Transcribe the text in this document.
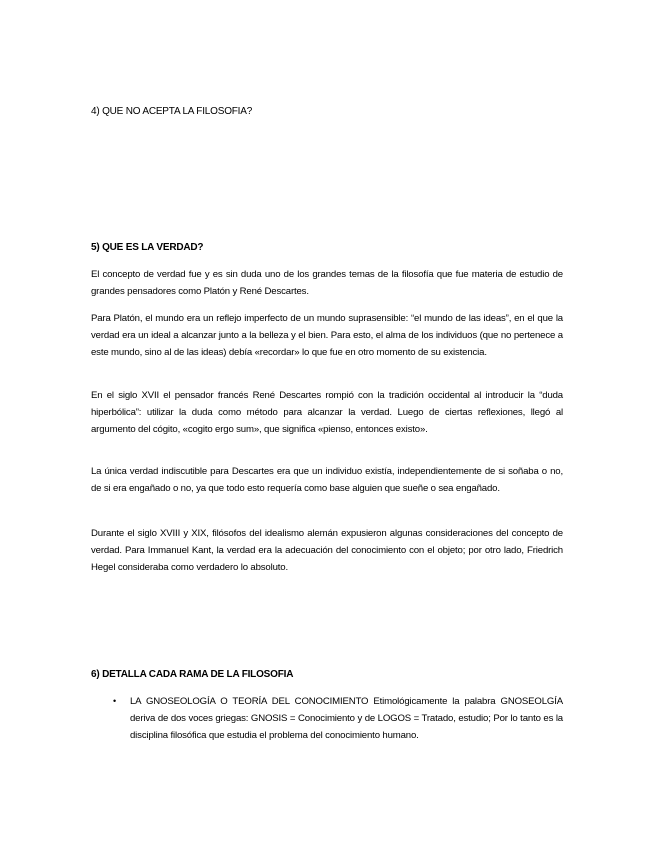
4) QUE NO ACEPTA LA FILOSOFIA?
5) QUE ES LA VERDAD?
El concepto de verdad fue y es sin duda uno de los grandes temas de la filosofía que fue materia de estudio de grandes pensadores como Platón y René Descartes.
Para Platón, el mundo era un reflejo imperfecto de un mundo suprasensible: “el mundo de las ideas”, en el que la verdad era un ideal a alcanzar junto a la belleza y el bien. Para esto, el alma de los individuos (que no pertenece a este mundo, sino al de las ideas) debía «recordar» lo que fue en otro momento de su existencia.
En el siglo XVII el pensador francés René Descartes rompió con la tradición occidental al introducir la “duda hiperbólica”: utilizar la duda como método para alcanzar la verdad. Luego de ciertas reflexiones, llegó al argumento del cógito, «cogito ergo sum», que significa «pienso, entonces existo».
La única verdad indiscutible para Descartes era que un individuo existía, independientemente de si soñaba o no, de si era engañado o no, ya que todo esto requería como base alguien que sueñe o sea engañado.
Durante el siglo XVIII y XIX, filósofos del idealismo alemán expusieron algunas consideraciones del concepto de verdad. Para Immanuel Kant, la verdad era la adecuación del conocimiento con el objeto; por otro lado, Friedrich Hegel consideraba como verdadero lo absoluto.
6) DETALLA CADA RAMA DE LA FILOSOFIA
• LA GNOSEOLOGÍA O TEORÍA DEL CONOCIMIENTO Etimológicamente la palabra GNOSEOLGÍA deriva de dos voces griegas: GNOSIS = Conocimiento y de LOGOS = Tratado, estudio; Por lo tanto es la disciplina filosófica que estudia el problema del conocimiento humano.
